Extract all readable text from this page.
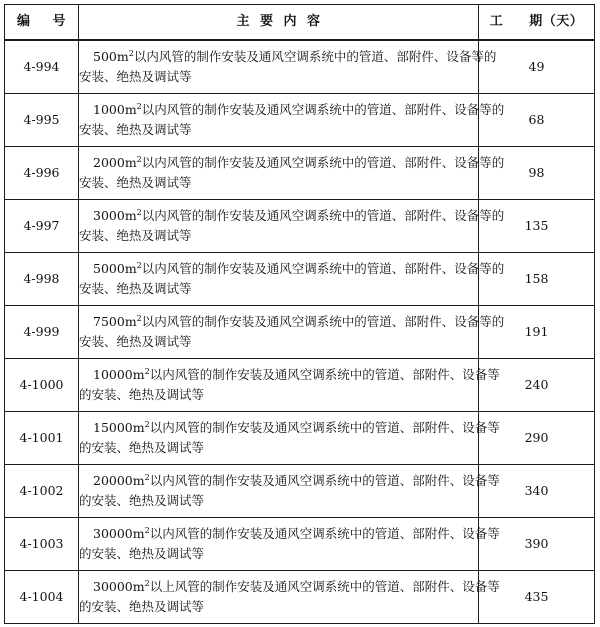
编 号	主 要 内 容	工 期（天）

4-994	$500m^2$以内风管的制作安装及通风空调系统中的管道、部附件、设备等的
安装、绝热及调试等	49
4-995	$1000m^2$以内风管的制作安装及通风空调系统中的管道、部附件、设备等的
安装、绝热及调试等	68
4-996	$2000m^2$以内风管的制作安装及通风空调系统中的管道、部附件、设备等的
安装、绝热及调试等	98
4-997	$3000m^2$以内风管的制作安装及通风空调系统中的管道、部附件、设备等的
安装、绝热及调试等	135
4-998	$5000m^2$以内风管的制作安装及通风空调系统中的管道、部附件、设备等的
安装、绝热及调试等	158
4-999	$7500m^2$以内风管的制作安装及通风空调系统中的管道、部附件、设备等的
安装、绝热及调试等	191
4-1000	$10000m^2$以内风管的制作安装及通风空调系统中的管道、部附件、设备等
的安装、绝热及调试等	240
4-1001	$15000m^2$以内风管的制作安装及通风空调系统中的管道、部附件、设备等
的安装、绝热及调试等	290
4-1002	$20000m^2$以内风管的制作安装及通风空调系统中的管道、部附件、设备等
的安装、绝热及调试等	340
4-1003	$30000m^2$以内风管的制作安装及通风空调系统中的管道、部附件、设备等
的安装、绝热及调试等	390
4-1004	$30000m^2$以上风管的制作安装及通风空调系统中的管道、部附件、设备等
的安装、绝热及调试等	435
